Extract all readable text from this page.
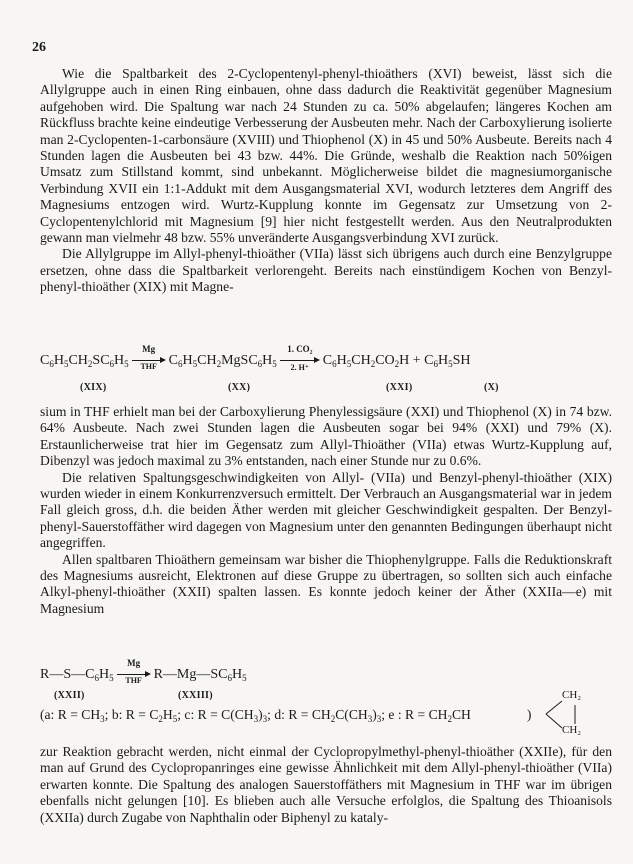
26

Wie die Spaltbarkeit des 2-Cyclopentenyl-phenyl-thioäthers (XVI) beweist, lässt sich die Allylgruppe auch in einen Ring einbauen, ohne dass dadurch die Reaktivität gegenüber Magnesium aufgehoben wird. Die Spaltung war nach 24 Stunden zu ca. 50% abgelaufen; längeres Kochen am Rückfluss brachte keine eindeutige Verbesserung der Ausbeuten mehr. Nach der Carboxylierung isolierte man 2-Cyclopenten-1-carbonsäure (XVIII) und Thiophenol (X) in 45 und 50% Ausbeute. Bereits nach 4 Stunden lagen die Ausbeuten bei 43 bzw. 44%. Die Gründe, weshalb die Reaktion nach 50%igen Umsatz zum Stillstand kommt, sind unbekannt. Möglicherweise bildet die magnesiumorganische Verbindung XVII ein 1:1-Addukt mit dem Ausgangsmaterial XVI, wodurch letzteres dem Angriff des Magnesiums entzogen wird. Wurtz-Kupplung konnte im Gegensatz zur Umsetzung von 2-Cyclopentenylchlorid mit Magnesium [9] hier nicht festgestellt werden. Aus den Neutralprodukten gewann man vielmehr 48 bzw. 55% unveränderte Ausgangsverbindung XVI zurück.

Die Allylgruppe im Allyl-phenyl-thioäther (VIIa) lässt sich übrigens auch durch eine Benzylgruppe ersetzen, ohne dass die Spaltbarkeit verlorengeht. Bereits nach einstündigem Kochen von Benzyl-phenyl-thioäther (XIX) mit Magne-

$C_6H_5CH_2SC_6H_5$
Mg
THF $C_6H_5CH_2MgSC_6H_5 \frac{\text{1. CO₂}}{2. H^+} C_6H_5CH_2CO_2H + C_6H_5SH$
(XIX)	(XX)	(XXI)	(X)

sium in THF erhielt man bei der Carboxylierung Phenylessigsäure (XXI) und Thiophenol (X) in 74 bzw. 64% Ausbeute. Nach zwei Stunden lagen die Ausbeuten sogar bei 94% (XXI) und 79% (X). Erstaunlicherweise trat hier im Gegensatz zum Allyl-Thioäther (VIIa) etwas Wurtz-Kupplung auf, Dibenzyl was jedoch maximal zu 3% entstanden, nach einer Stunde nur zu 0.6%.

Die relativen Spaltungsgeschwindigkeiten von Allyl- (VIIa) und Benzyl-phenyl-thioäther (XIX) wurden wieder in einem Konkurrenzversuch ermittelt. Der Verbrauch an Ausgangsmaterial war in jedem Fall gleich gross, d.h. die beiden Äther werden mit gleicher Geschwindigkeit gespalten. Der Benzyl-phenyl-Sauerstoffäther wird dagegen von Magnesium unter den genannten Bedingungen überhaupt nicht angegriffen.

Allen spaltbaren Thioäthern gemeinsam war bisher die Thiophenylgruppe. Falls die Reduktionskraft des Magnesiums ausreicht, Elektronen auf diese Gruppe zu übertragen, so sollten sich auch einfache Alkyl-phenyl-thioäther (XXII) spalten lassen. Es konnte jedoch keiner der Äther (XXIIa—e) mit Magnesium

$R—S—C_6H_5$
Mg
THF $R—Mg—SC_6H_5$
(XXII)	(XXIII)
(a: $R = CH_3$; b: $R = C_2H_5$; c: $R = C(CH_3)_3$; d: $R = CH_2C(CH_3)_3$; e : $R = CH_2CH$	)
CH₂
CH₂

zur Reaktion gebracht werden, nicht einmal der Cyclopropylmethyl-phenyl-thioäther (XXIIe), für den man auf Grund des Cyclopropanringes eine gewisse Ähnlichkeit mit dem Allyl-phenyl-thioäther (VIIa) erwarten konnte. Die Spaltung des analogen Sauerstoffäthers mit Magnesium in THF war im übrigen ebenfalls nicht gelungen [10]. Es blieben auch alle Versuche erfolglos, die Spaltung des Thioanisols (XXIIa) durch Zugabe von Naphthalin oder Biphenyl zu kataly-
